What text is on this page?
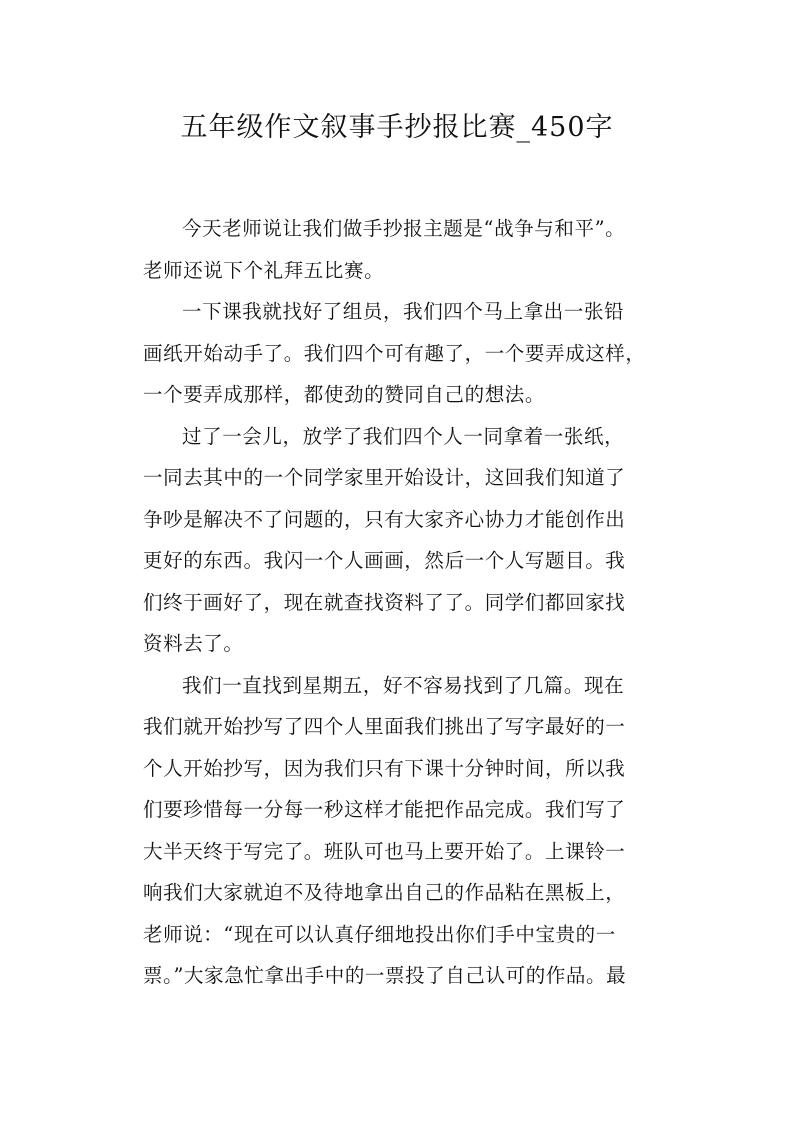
五年级作文叙事手抄报比赛_450字
今天老师说让我们做手抄报主题是“战争与和平”。
老师还说下个礼拜五比赛。
一下课我就找好了组员，我们四个马上拿出一张铅
画纸开始动手了。我们四个可有趣了，一个要弄成这样，
一个要弄成那样，都使劲的赞同自己的想法。
过了一会儿，放学了我们四个人一同拿着一张纸，
一同去其中的一个同学家里开始设计，这回我们知道了
争吵是解决不了问题的，只有大家齐心协力才能创作出
更好的东西。我闪一个人画画，然后一个人写题目。我
们终于画好了，现在就查找资料了了。同学们都回家找
资料去了。
我们一直找到星期五，好不容易找到了几篇。现在
我们就开始抄写了四个人里面我们挑出了写字最好的一
个人开始抄写，因为我们只有下课十分钟时间，所以我
们要珍惜每一分每一秒这样才能把作品完成。我们写了
大半天终于写完了。班队可也马上要开始了。上课铃一
响我们大家就迫不及待地拿出自己的作品粘在黑板上，
老师说：“现在可以认真仔细地投出你们手中宝贵的一
票。”大家急忙拿出手中的一票投了自己认可的作品。最
